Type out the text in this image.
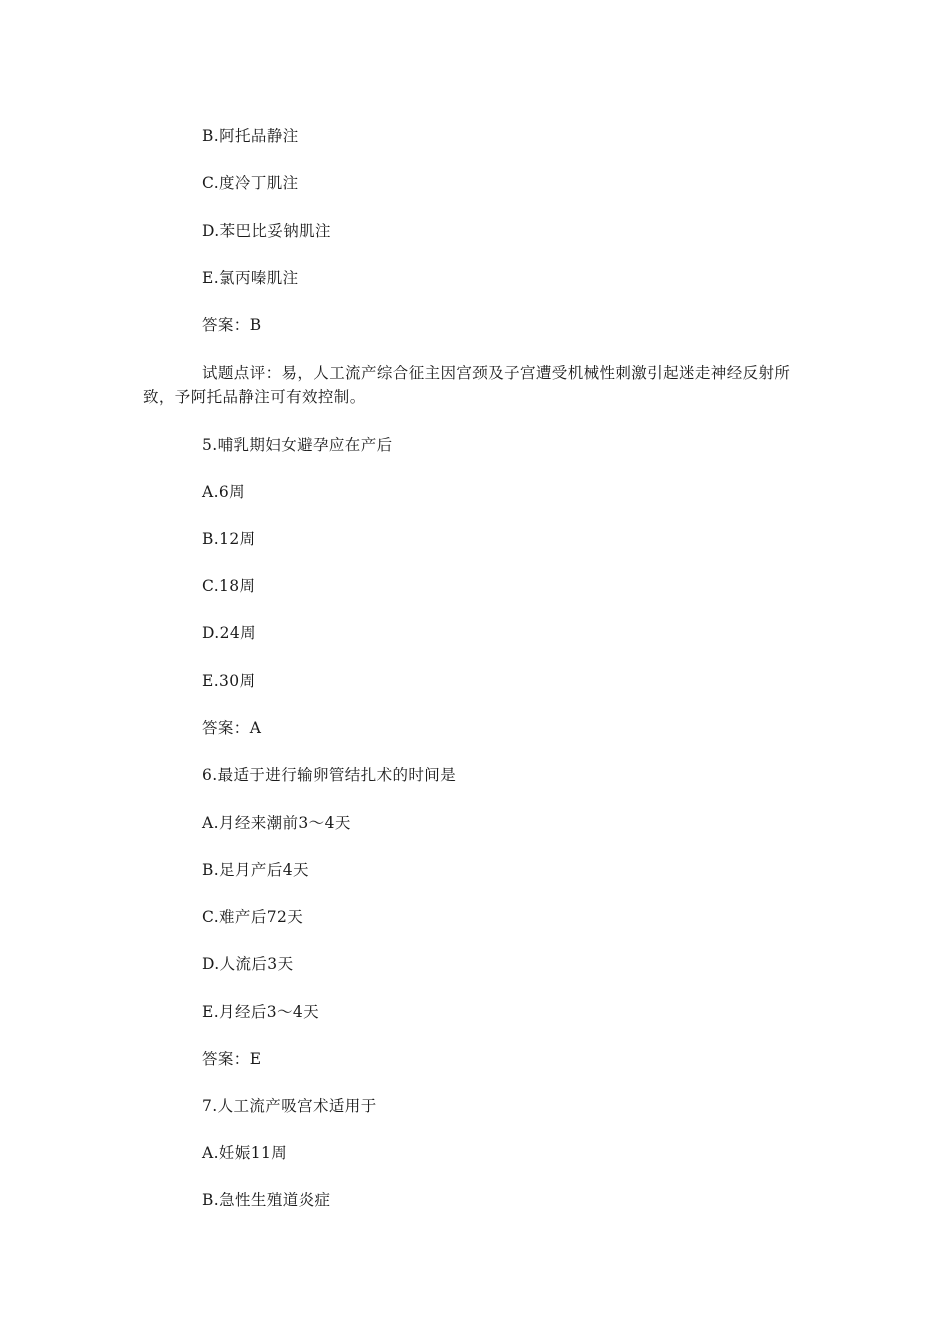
B.阿托品静注
C.度冷丁肌注
D.苯巴比妥钠肌注
E.氯丙嗪肌注
答案：B
试题点评：易，人工流产综合征主因宫颈及子宫遭受机械性刺激引起迷走神经反射所致，予阿托品静注可有效控制。
5.哺乳期妇女避孕应在产后
A.6周
B.12周
C.18周
D.24周
E.30周
答案：A
6.最适于进行输卵管结扎术的时间是
A.月经来潮前3～4天
B.足月产后4天
C.难产后72天
D.人流后3天
E.月经后3～4天
答案：E
7.人工流产吸宫术适用于
A.妊娠11周
B.急性生殖道炎症
